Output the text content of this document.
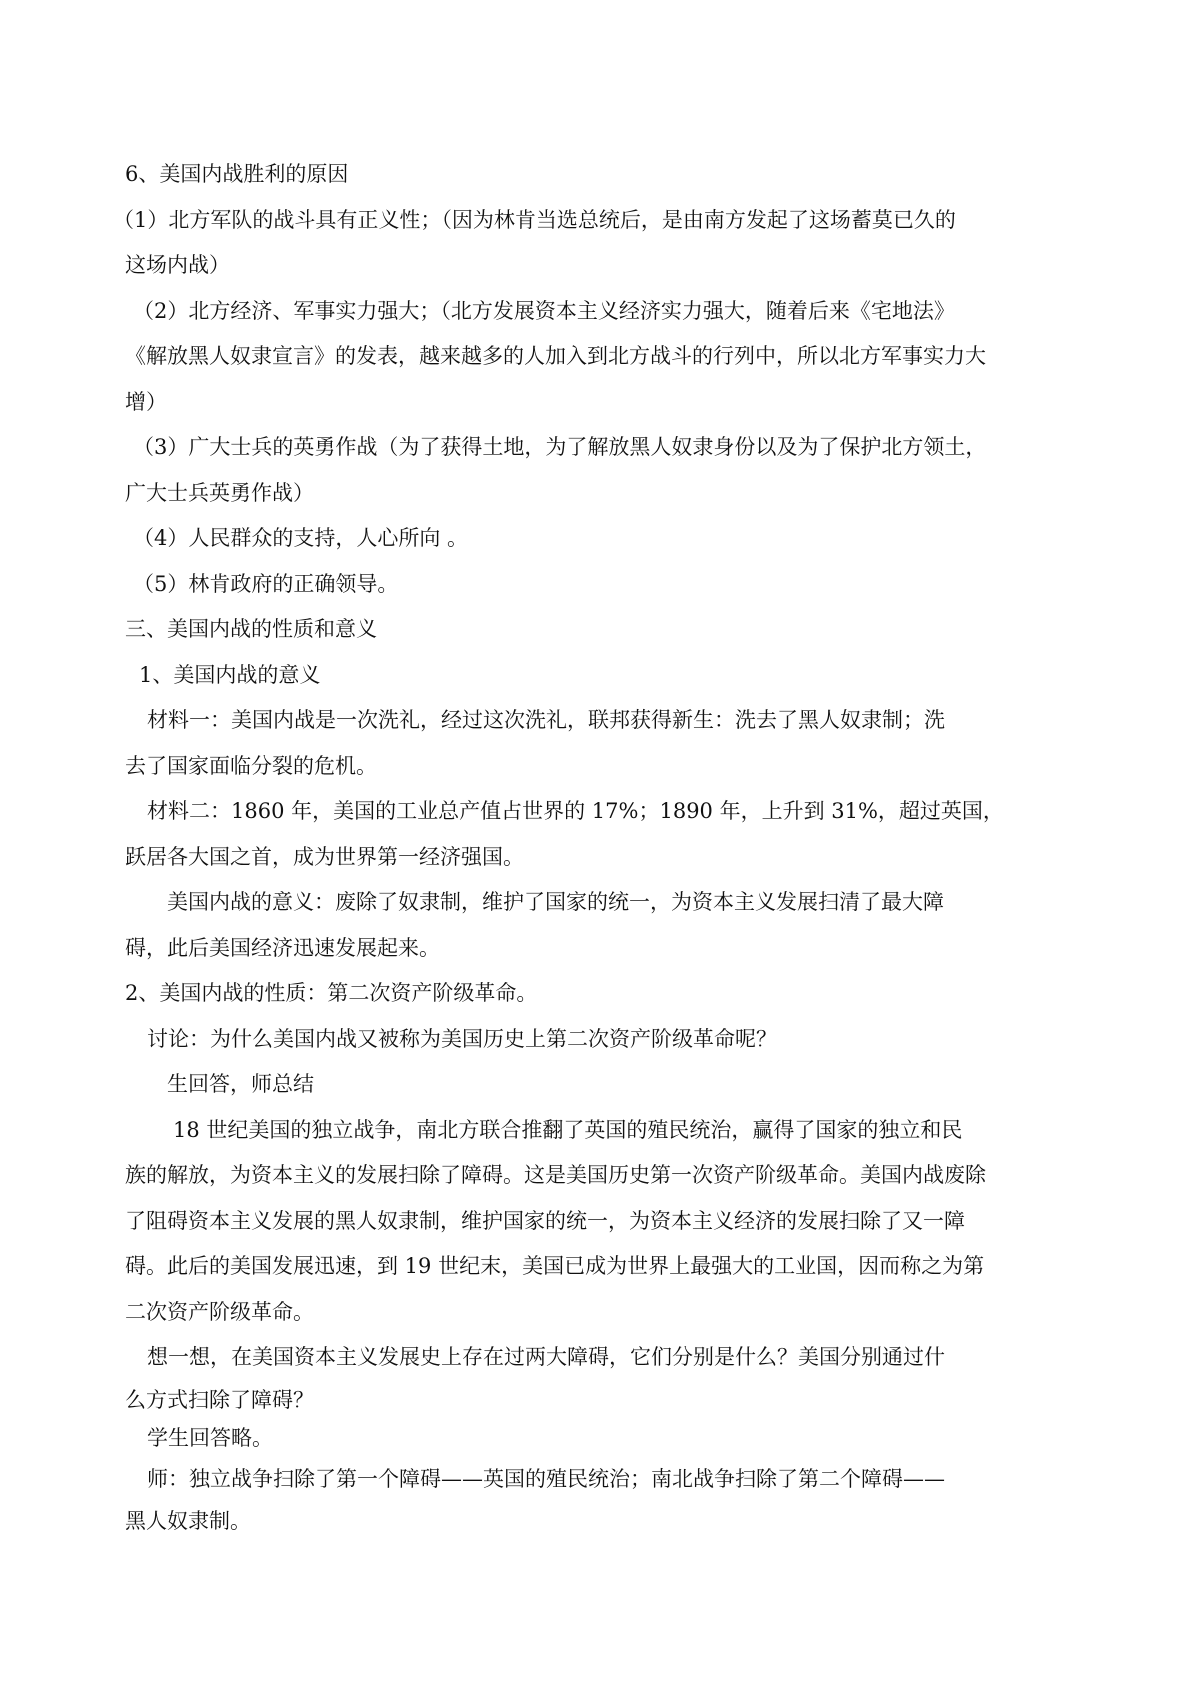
6、美国内战胜利的原因
（1）北方军队的战斗具有正义性；（因为林肯当选总统后，是由南方发起了这场蓄莫已久的
这场内战）
（2）北方经济、军事实力强大；（北方发展资本主义经济实力强大，随着后来《宅地法》
《解放黑人奴隶宣言》的发表，越来越多的人加入到北方战斗的行列中，所以北方军事实力大
增）
（3）广大士兵的英勇作战（为了获得土地，为了解放黑人奴隶身份以及为了保护北方领土，
广大士兵英勇作战）
（4）人民群众的支持，人心所向 。
（5）林肯政府的正确领导。
三、美国内战的性质和意义
1、美国内战的意义
材料一：美国内战是一次洗礼，经过这次洗礼，联邦获得新生：洗去了黑人奴隶制；洗
去了国家面临分裂的危机。
材料二：1860 年，美国的工业总产值占世界的 17%；1890 年，上升到 31%，超过英国，
跃居各大国之首，成为世界第一经济强国。
美国内战的意义：废除了奴隶制，维护了国家的统一，为资本主义发展扫清了最大障
碍，此后美国经济迅速发展起来。
2、美国内战的性质：第二次资产阶级革命。
讨论：为什么美国内战又被称为美国历史上第二次资产阶级革命呢？
生回答，师总结
18 世纪美国的独立战争，南北方联合推翻了英国的殖民统治，赢得了国家的独立和民
族的解放，为资本主义的发展扫除了障碍。这是美国历史第一次资产阶级革命。美国内战废除
了阻碍资本主义发展的黑人奴隶制，维护国家的统一，为资本主义经济的发展扫除了又一障
碍。此后的美国发展迅速，到 19 世纪末，美国已成为世界上最强大的工业国，因而称之为第
二次资产阶级革命。
想一想，在美国资本主义发展史上存在过两大障碍，它们分别是什么？美国分别通过什
么方式扫除了障碍？
学生回答略。
师：独立战争扫除了第一个障碍——英国的殖民统治；南北战争扫除了第二个障碍——
黑人奴隶制。
